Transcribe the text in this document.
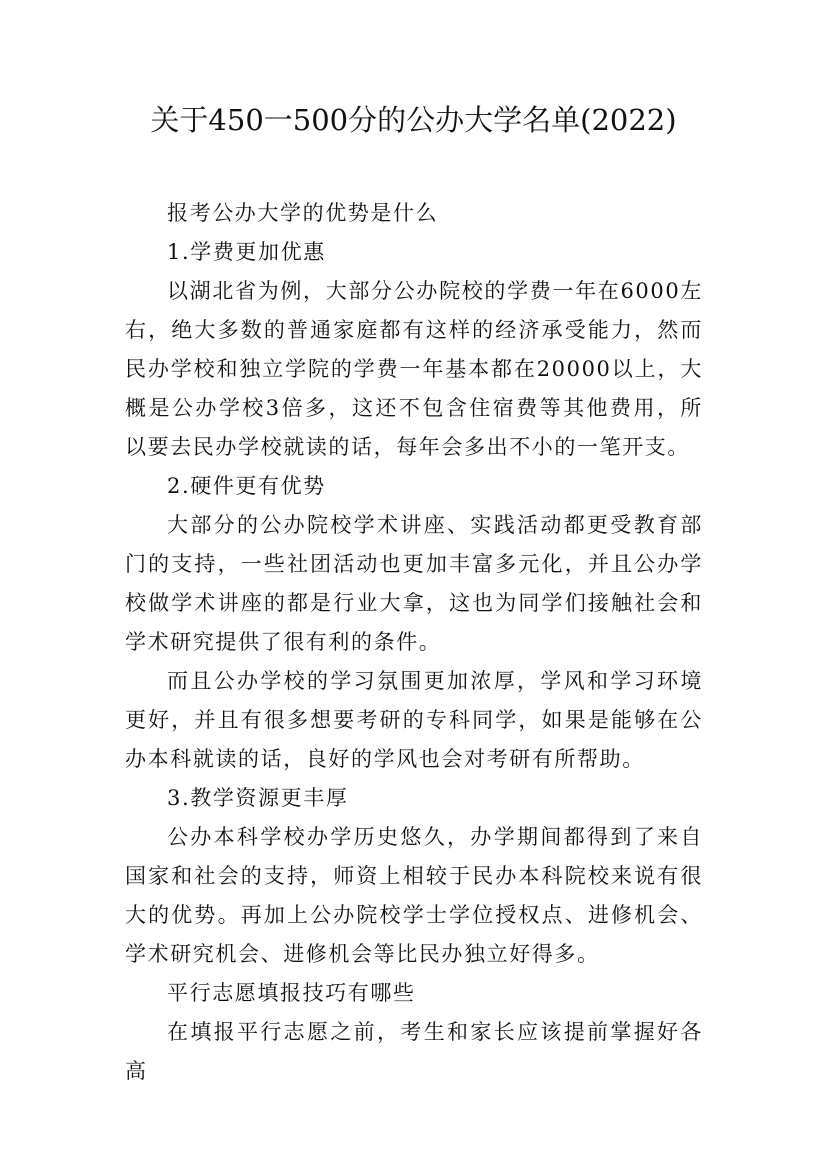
关于450一500分的公办大学名单(2022)

报考公办大学的优势是什么

1.学费更加优惠

以湖北省为例，大部分公办院校的学费一年在6000左右，绝大多数的普通家庭都有这样的经济承受能力，然而民办学校和独立学院的学费一年基本都在20000以上，大概是公办学校3倍多，这还不包含住宿费等其他费用，所以要去民办学校就读的话，每年会多出不小的一笔开支。

2.硬件更有优势

大部分的公办院校学术讲座、实践活动都更受教育部门的支持，一些社团活动也更加丰富多元化，并且公办学校做学术讲座的都是行业大拿，这也为同学们接触社会和学术研究提供了很有利的条件。

而且公办学校的学习氛围更加浓厚，学风和学习环境更好，并且有很多想要考研的专科同学，如果是能够在公办本科就读的话，良好的学风也会对考研有所帮助。

3.教学资源更丰厚

公办本科学校办学历史悠久，办学期间都得到了来自国家和社会的支持，师资上相较于民办本科院校来说有很大的优势。再加上公办院校学士学位授权点、进修机会、学术研究机会、进修机会等比民办独立好得多。

平行志愿填报技巧有哪些

在填报平行志愿之前，考生和家长应该提前掌握好各高
